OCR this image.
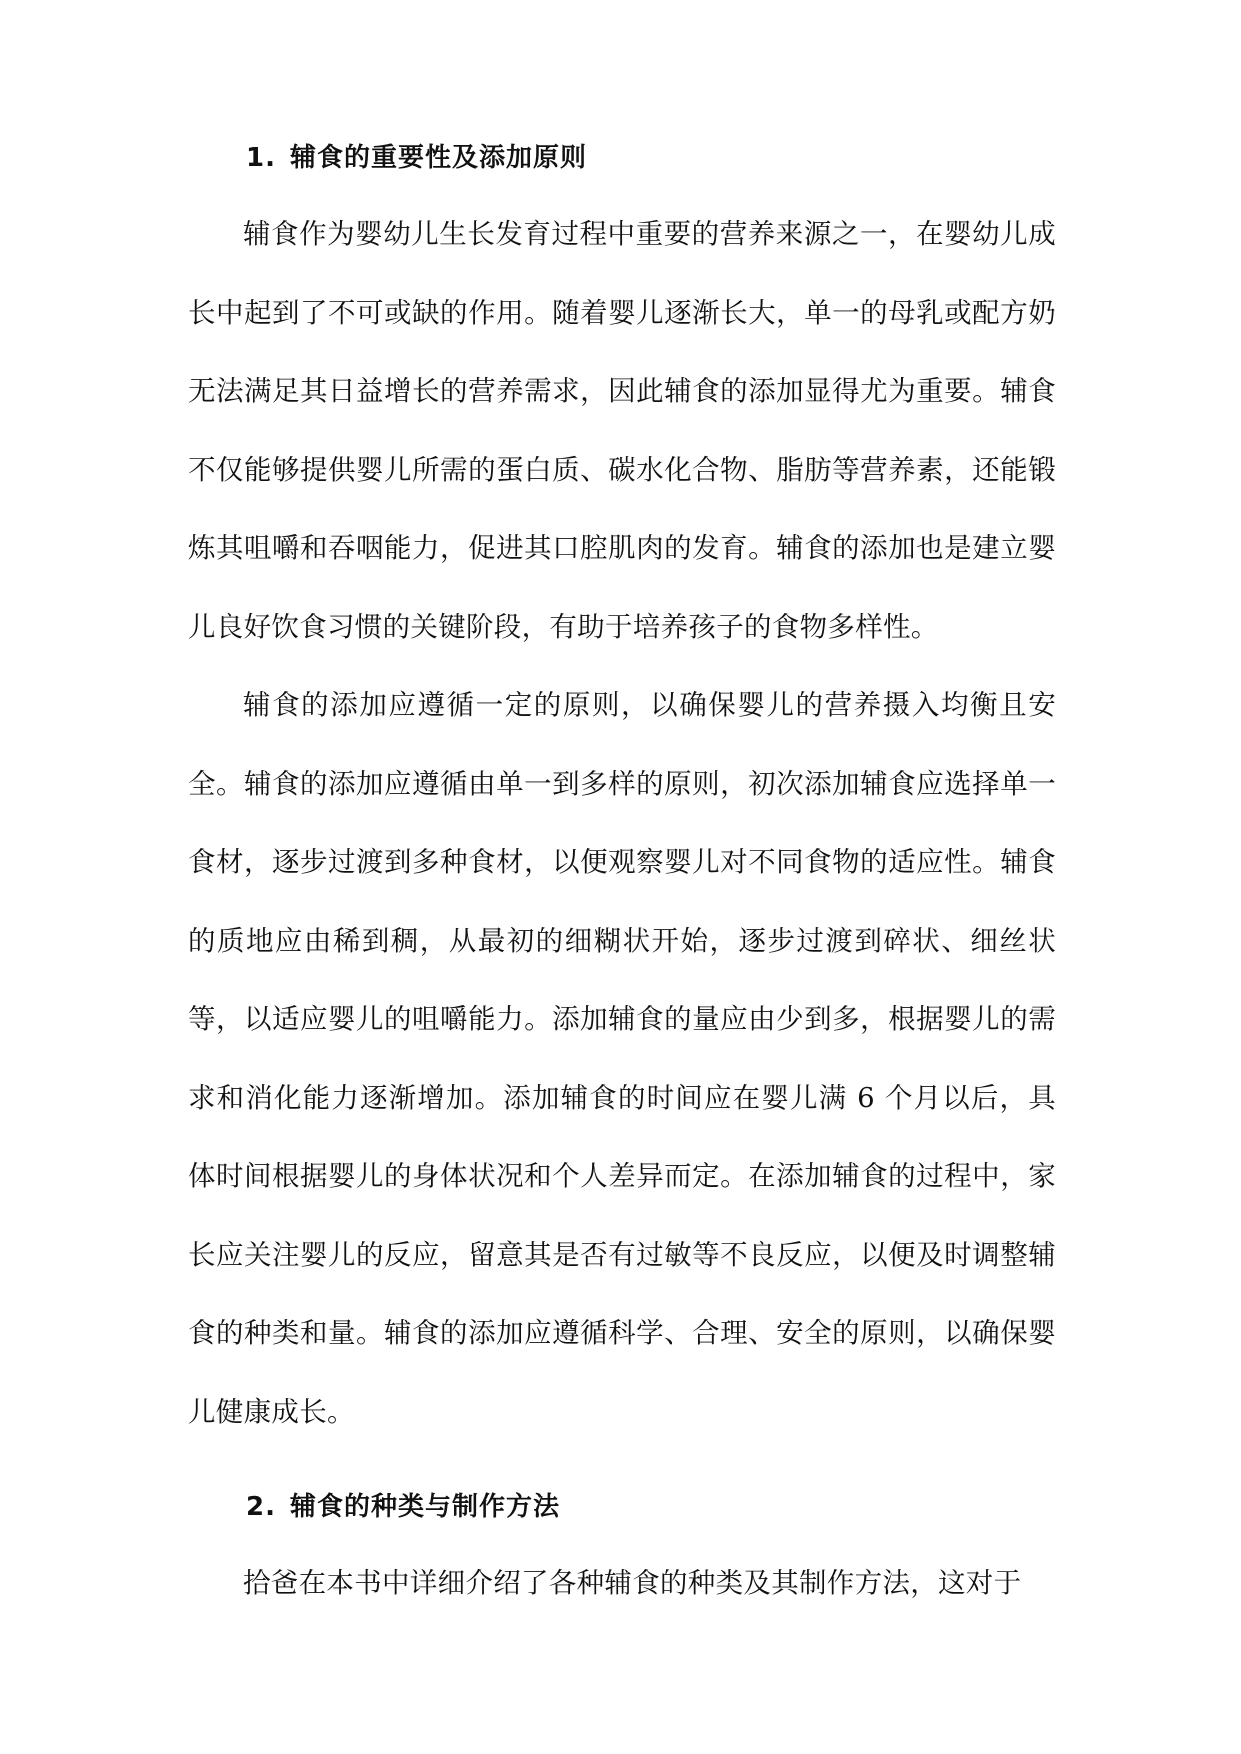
1. 辅食的重要性及添加原则

辅食作为婴幼儿生长发育过程中重要的营养来源之一，在婴幼儿成长中起到了不可或缺的作用。随着婴儿逐渐长大，单一的母乳或配方奶无法满足其日益增长的营养需求，因此辅食的添加显得尤为重要。辅食不仅能够提供婴儿所需的蛋白质、碳水化合物、脂肪等营养素，还能锻炼其咀嚼和吞咽能力，促进其口腔肌肉的发育。辅食的添加也是建立婴儿良好饮食习惯的关键阶段，有助于培养孩子的食物多样性。

辅食的添加应遵循一定的原则，以确保婴儿的营养摄入均衡且安全。辅食的添加应遵循由单一到多样的原则，初次添加辅食应选择单一食材，逐步过渡到多种食材，以便观察婴儿对不同食物的适应性。辅食的质地应由稀到稠，从最初的细糊状开始，逐步过渡到碎状、细丝状等，以适应婴儿的咀嚼能力。添加辅食的量应由少到多，根据婴儿的需求和消化能力逐渐增加。添加辅食的时间应在婴儿满 6 个月以后，具体时间根据婴儿的身体状况和个人差异而定。在添加辅食的过程中，家长应关注婴儿的反应，留意其是否有过敏等不良反应，以便及时调整辅食的种类和量。辅食的添加应遵循科学、合理、安全的原则，以确保婴儿健康成长。

2. 辅食的种类与制作方法

拾爸在本书中详细介绍了各种辅食的种类及其制作方法，这对于
